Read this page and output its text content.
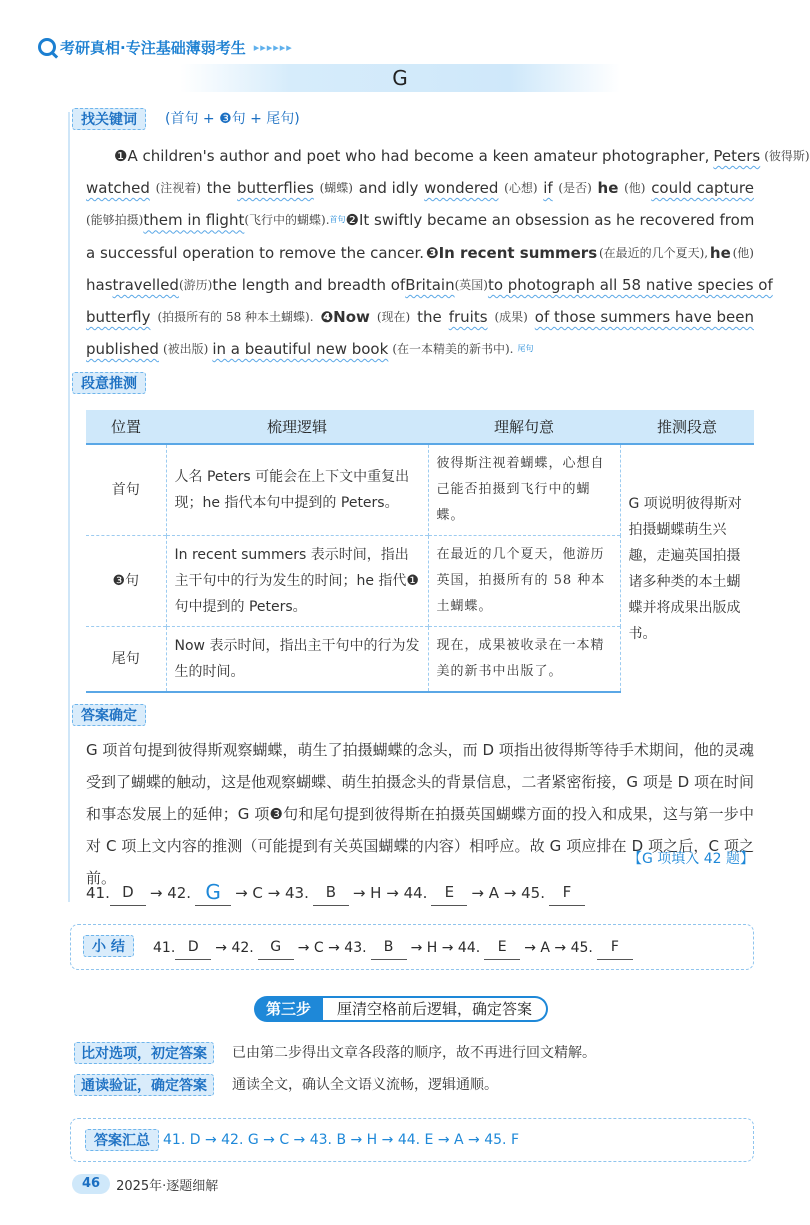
考研真相·专注基础薄弱考生 ▸▸▸▸▸▸
G
找关键词	(首句 + ❸句 + 尾句)
❶A children's author and poet who had become a keen amateur photographer, Peters (彼得斯)
watched (注视着) the butterflies (蝴蝶) and idly wondered (心想) if (是否) he (他) could capture
(能够拍摄) them in flight (飞行中的蝴蝶). 首句 ❷It swiftly became an obsession as he recovered from
a successful operation to remove the cancer. ❸In recent summers (在最近的几个夏天), he (他)
has travelled (游历) the length and breadth of Britain (英国) to photograph all 58 native species of
butterfly (拍摄所有的 58 种本土蝴蝶). ❹Now (现在) the fruits (成果) of those summers have been
published (被出版) in a beautiful new book (在一本精美的新书中). 尾句
段意推测
位置	梳理逻辑	理解句意	推测段意
首句	人名 Peters 可能会在上下文中重复出现；he 指代本句中提到的 Peters。	彼得斯注视着蝴蝶，心想自己能否拍摄到飞行中的蝴蝶。	G 项说明彼得斯对拍摄蝴蝶萌生兴趣，走遍英国拍摄诸多种类的本土蝴蝶并将成果出版成书。
❸句	In recent summers 表示时间，指出主干句中的行为发生的时间；he 指代❶句中提到的 Peters。	在最近的几个夏天，他游历英国，拍摄所有的 58 种本土蝴蝶。	
尾句	Now 表示时间，指出主干句中的行为发生的时间。	现在，成果被收录在一本精美的新书中出版了。	
答案确定
G 项首句提到彼得斯观察蝴蝶，萌生了拍摄蝴蝶的念头，而 D 项指出彼得斯等待手术期间，他的灵魂受到了蝴蝶的触动，这是他观察蝴蝶、萌生拍摄念头的背景信息，二者紧密衔接，G 项是 D 项在时间和事态发展上的延伸；G 项❸句和尾句提到彼得斯在拍摄英国蝴蝶方面的投入和成果，这与第一步中对 C 项上文内容的推测（可能提到有关英国蝴蝶的内容）相呼应。故 G 项应排在 D 项之后，C 项之前。
【G 项填入 42 题】
41. D	→ 42. G → C → 43.	B	→ H → 44.	E	→ A → 45.	F
小 结	41. D	→ 42.	G	→ C → 43.	B	→ H → 44.	E	→ A → 45.	F
第三步	厘清空格前后逻辑，确定答案
比对选项，初定答案	已由第二步得出文章各段落的顺序，故不再进行回文精解。
通读验证，确定答案	通读全文，确认全文语义流畅，逻辑通顺。
答案汇总 41. D → 42. G → C → 43. B → H → 44. E → A → 45. F
46	2025年·逐题细解
